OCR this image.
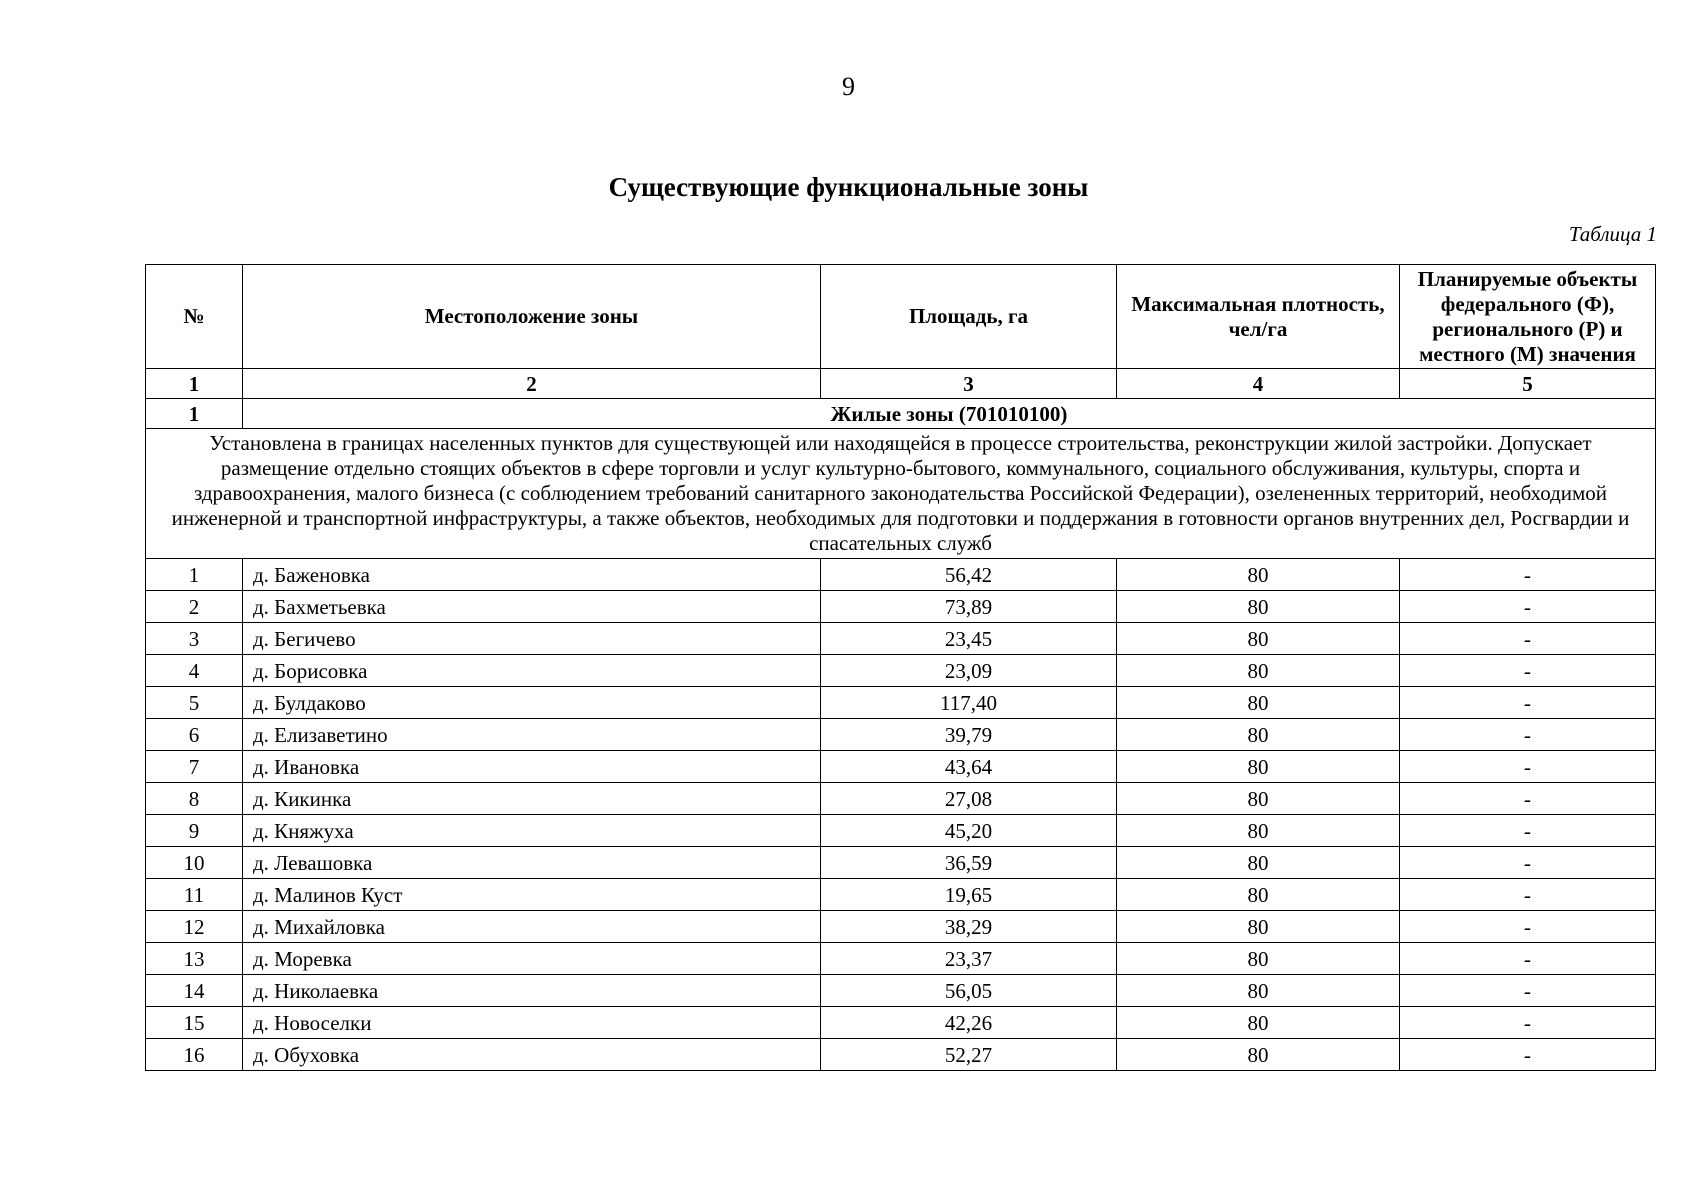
9
Существующие функциональные зоны
Таблица 1
№	Местоположение зоны	Площадь, га	Максимальная плотность, чел/га	Планируемые объекты федерального (Ф), регионального (Р) и местного (М) значения
1	2	3	4	5
1	Жилые зоны (701010100)			
Установлена в границах населенных пунктов для существующей или находящейся в процессе строительства, реконструкции жилой застройки. Допускает размещение отдельно стоящих объектов в сфере торговли и услуг культурно-бытового, коммунального, социального обслуживания, культуры, спорта и здравоохранения, малого бизнеса (с соблюдением требований санитарного законодательства Российской Федерации), озелененных территорий, необходимой инженерной и транспортной инфраструктуры, а также объектов, необходимых для подготовки и поддержания в готовности органов внутренних дел, Росгвардии и спасательных служб				
1	д. Баженовка	56,42	80	-
2	д. Бахметьевка	73,89	80	-
3	д. Бегичево	23,45	80	-
4	д. Борисовка	23,09	80	-
5	д. Булдаково	117,40	80	-
6	д. Елизаветино	39,79	80	-
7	д. Ивановка	43,64	80	-
8	д. Кикинка	27,08	80	-
9	д. Княжуха	45,20	80	-
10	д. Левашовка	36,59	80	-
11	д. Малинов Куст	19,65	80	-
12	д. Михайловка	38,29	80	-
13	д. Моревка	23,37	80	-
14	д. Николаевка	56,05	80	-
15	д. Новоселки	42,26	80	-
16	д. Обуховка	52,27	80	-
